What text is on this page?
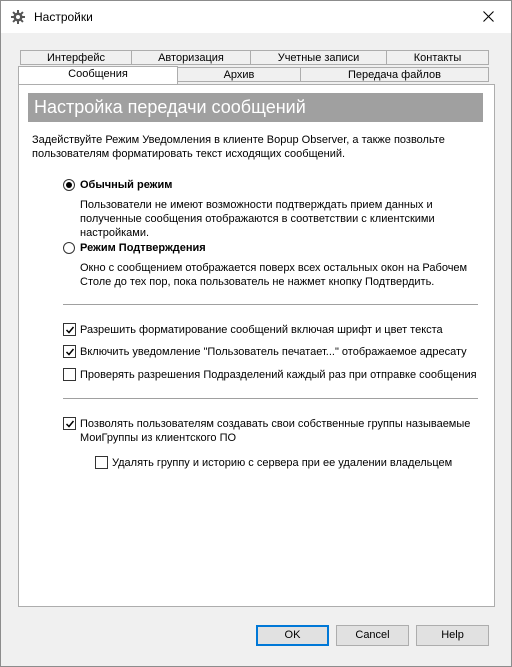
Настройки
Интерфейс	Авторизация	Учетные записи	Контакты
Сообщения	Архив	Передача файлов
Настройка передачи сообщений
Задействуйте Режим Уведомления в клиенте Bopup Observer, а также позвольте
пользователям форматировать текст исходящих сообщений.
Обычный режим
Пользователи не имеют возможности подтверждать прием данных и
полученные сообщения отображаются в соответствии с клиентскими
настройками.
Режим Подтверждения
Окно с сообщением отображается поверх всех остальных окон на Рабочем
Столе до тех пор, пока пользователь не нажмет кнопку Подтвердить.
Разрешить форматирование сообщений включая шрифт и цвет текста
Включить уведомление "Пользователь печатает..." отображаемое адресату
Проверять разрешения Подразделений каждый раз при отправке сообщения
Позволять пользователям создавать свои собственные группы называемые
МоиГруппы из клиентского ПО
Удалять группу и историю с сервера при ее удалении владельцем
OK	Cancel	Help
